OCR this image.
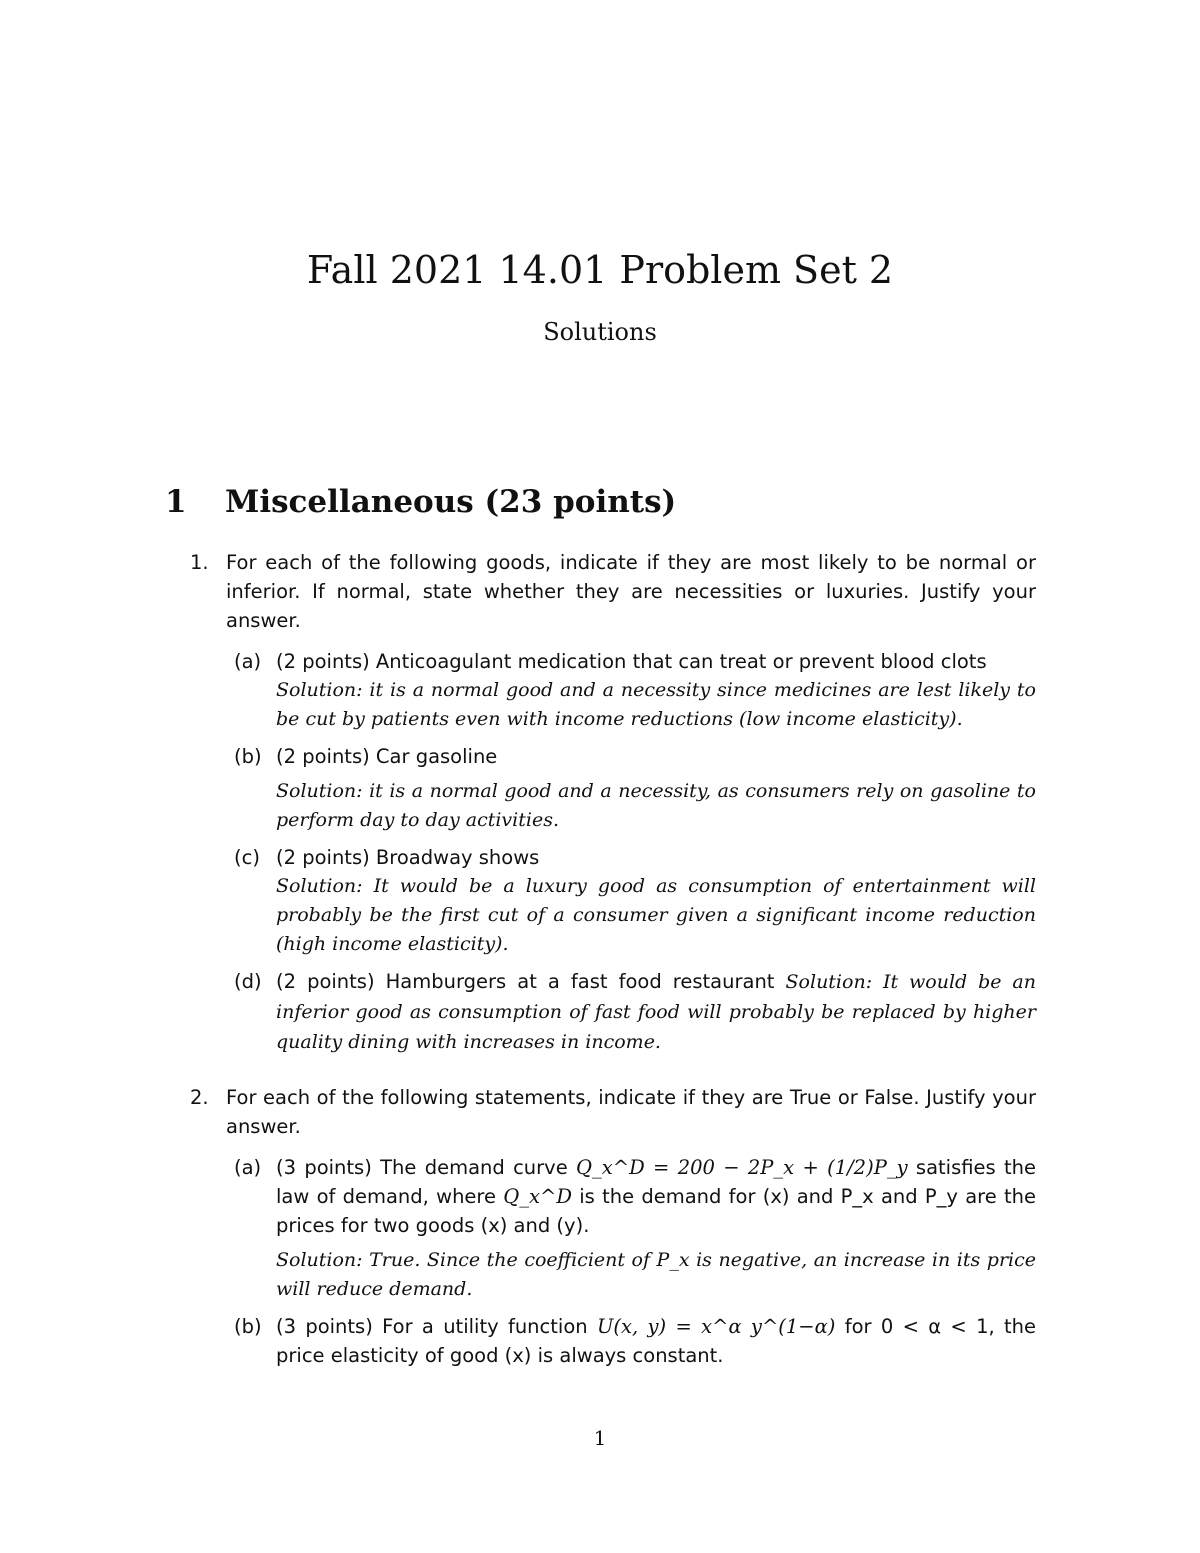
Fall 2021 14.01 Problem Set 2

Solutions

1 Miscellaneous (23 points)
1. For each of the following goods, indicate if they are most likely to be normal or inferior. If normal, state whether they are necessities or luxuries. Justify your answer.
(a) (2 points) Anticoagulant medication that can treat or prevent blood clots
Solution: it is a normal good and a necessity since medicines are lest likely to be cut by patients even with income reductions (low income elasticity).
(b) (2 points) Car gasoline
Solution: it is a normal good and a necessity, as consumers rely on gasoline to perform day to day activities.
(c) (2 points) Broadway shows
Solution: It would be a luxury good as consumption of entertainment will probably be the first cut of a consumer given a significant income reduction (high income elasticity).
(d) (2 points) Hamburgers at a fast food restaurant Solution: It would be an inferior good as consumption of fast food will probably be replaced by higher quality dining with increases in income.
2. For each of the following statements, indicate if they are True or False. Justify your answer.
(a) (3 points) The demand curve Q_x^D = 200 − 2P_x + (1/2)P_y satisfies the law of demand, where Q_x^D is the demand for (x) and P_x and P_y are the prices for two goods (x) and (y).
Solution: True. Since the coefficient of P_x is negative, an increase in its price will reduce demand.
(b) (3 points) For a utility function U(x, y) = x^α y^(1−α) for 0 < α < 1, the price elasticity of good (x) is always constant.
1
